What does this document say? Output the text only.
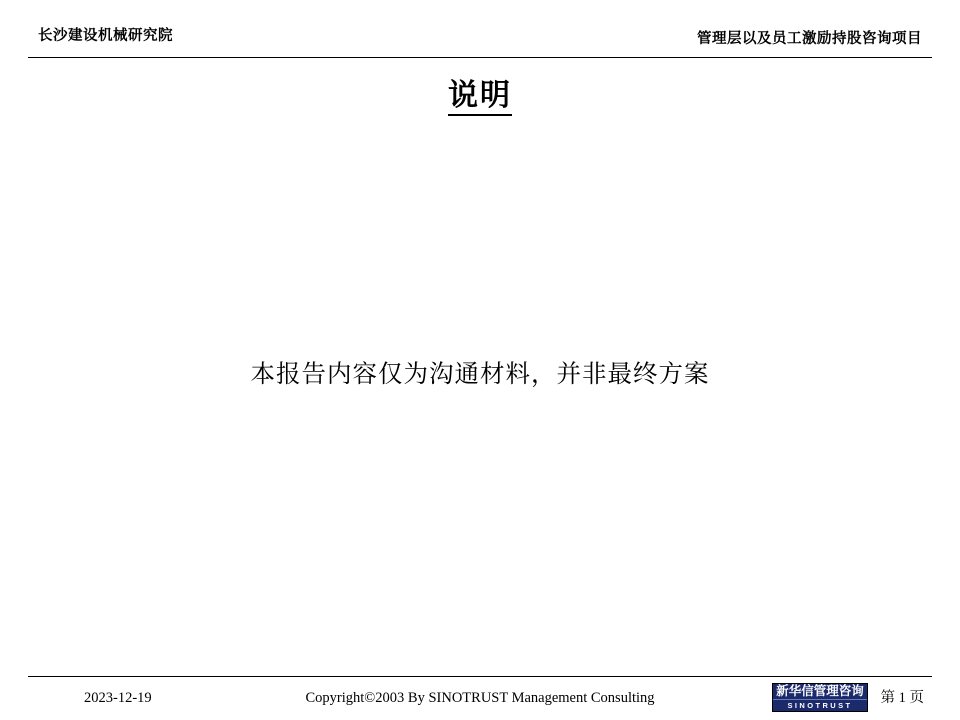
长沙建设机械研究院	管理层以及员工激励持股咨询项目
说明
本报告内容仅为沟通材料，并非最终方案
2023-12-19	Copyright©2003 By SINOTRUST Management Consulting	新华信管理咨询
SINOTRUST	第 1 页
